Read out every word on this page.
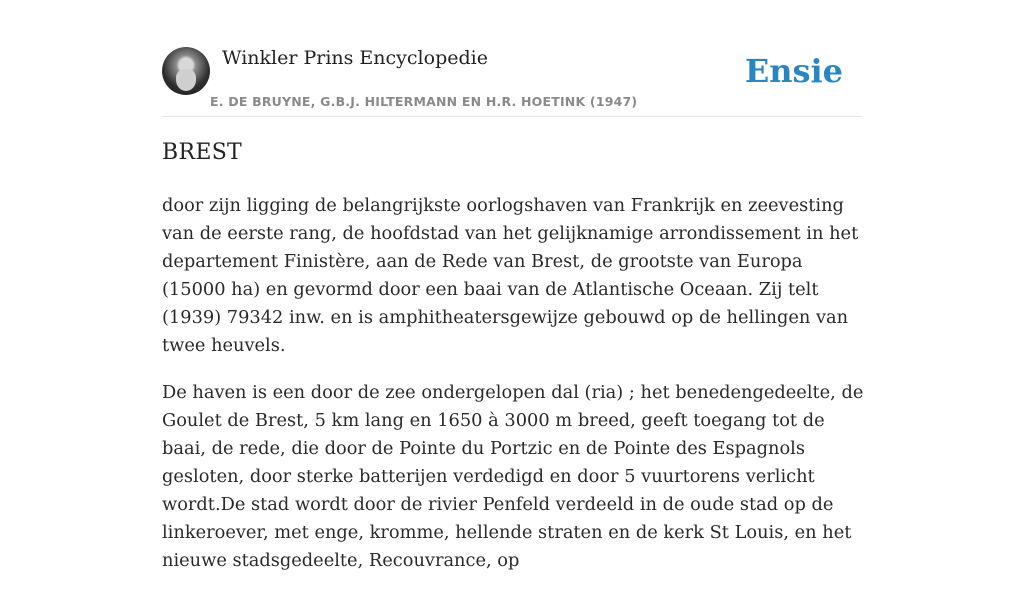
Winkler Prins Encyclopedie
E. DE BRUYNE, G.B.J. HILTERMANN EN H.R. HOETINK (1947)
Ensie
BREST

door zijn ligging de belangrijkste oorlogshaven van Frankrijk en zeevesting van de eerste rang, de hoofdstad van het gelijknamige arrondissement in het departement Finistère, aan de Rede van Brest, de grootste van Europa (15000 ha) en gevormd door een baai van de Atlantische Oceaan. Zij telt (1939) 79342 inw. en is amphitheatersgewijze gebouwd op de hellingen van twee heuvels.

De haven is een door de zee ondergelopen dal (ria) ; het benedengedeelte, de Goulet de Brest, 5 km lang en 1650 à 3000 m breed, geeft toegang tot de baai, de rede, die door de Pointe du Portzic en de Pointe des Espagnols gesloten, door sterke batterijen verdedigd en door 5 vuurtorens verlicht wordt.De stad wordt door de rivier Penfeld verdeeld in de oude stad op de linkeroever, met enge, kromme, hellende straten en de kerk St Louis, en het nieuwe stadsgedeelte, Recouvrance, op
